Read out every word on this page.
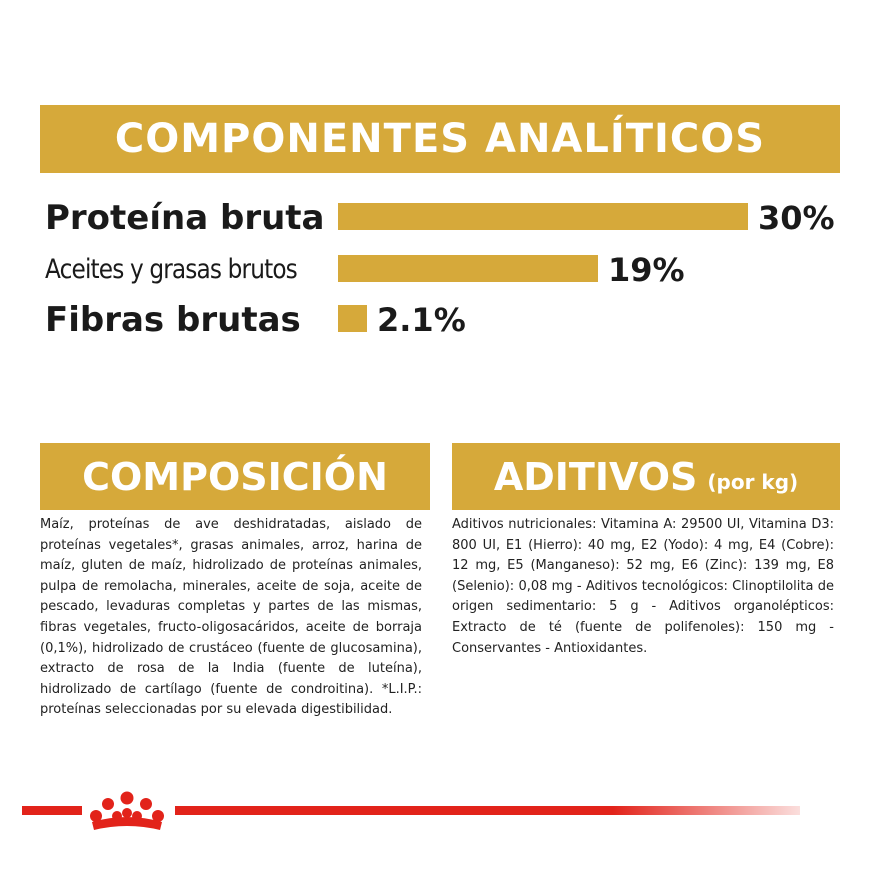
COMPONENTES ANALÍTICOS
Proteína bruta	30%
Aceites y grasas brutos	19%
Fibras brutas 2.1%
COMPOSICIÓN

Maíz, proteínas de ave deshidratadas, aislado de proteínas vegetales*, grasas animales, arroz, harina de maíz, gluten de maíz, hidrolizado de proteínas animales, pulpa de remolacha, minerales, aceite de soja, aceite de pescado, levaduras completas y partes de las mismas, fibras vegetales, fructo-oligosacáridos, aceite de borraja (0,1%), hidrolizado de crustáceo (fuente de glucosamina), extracto de rosa de la India (fuente de luteína), hidrolizado de cartílago (fuente de condroitina). *L.I.P.: proteínas seleccionadas por su elevada digestibilidad.

ADITIVOS (por kg)

Aditivos nutricionales: Vitamina A: 29500 UI, Vitamina D3: 800 UI, E1 (Hierro): 40 mg, E2 (Yodo): 4 mg, E4 (Cobre): 12 mg, E5 (Manganeso): 52 mg, E6 (Zinc): 139 mg, E8 (Selenio): 0,08 mg - Aditivos tecnológicos: Clinoptilolita de origen sedimentario: 5 g - Aditivos organolépticos: Extracto de té (fuente de polifenoles): 150 mg - Conservantes - Antioxidantes.
